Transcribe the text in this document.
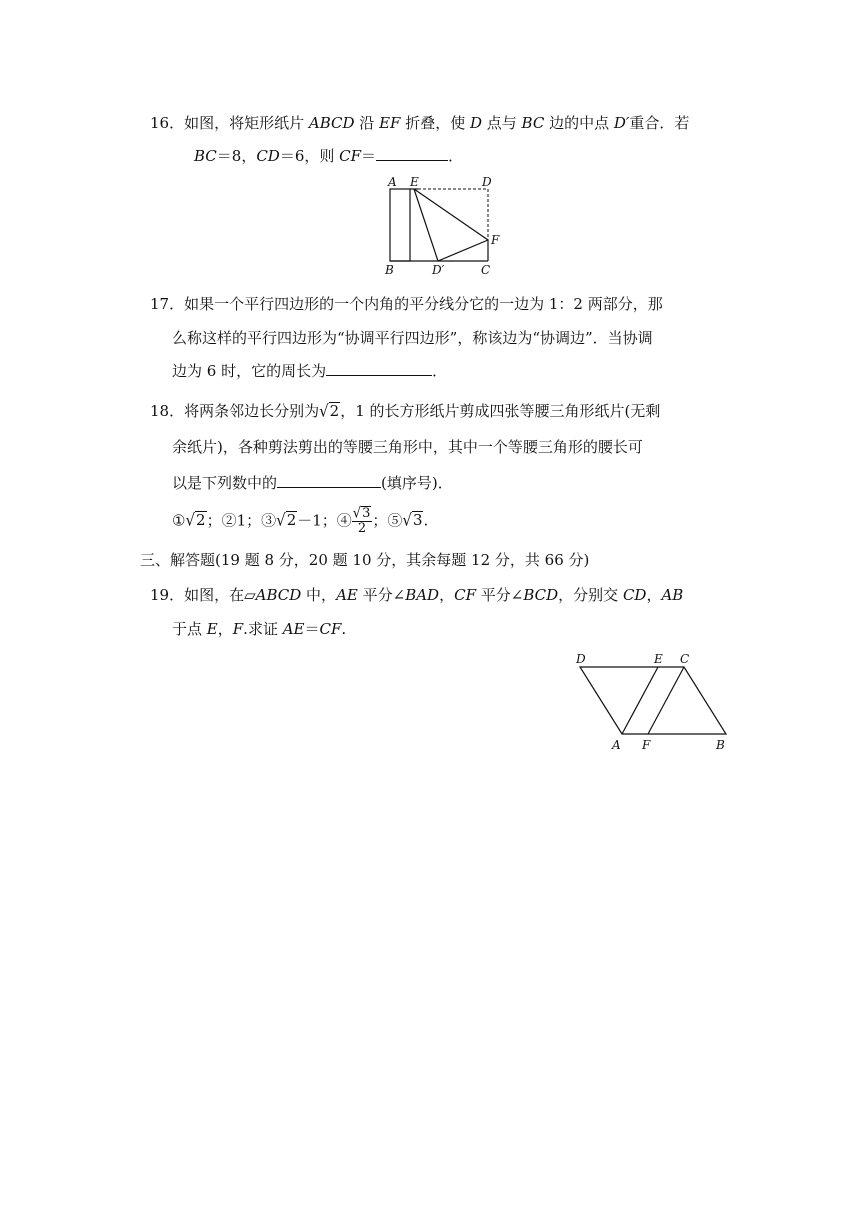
16．如图，将矩形纸片 ABCD 沿 EF 折叠，使 D 点与 BC 边的中点 D′重合．若
BC＝8，CD＝6，则 CF＝	．
A E	D
F
B	D′	C
17．如果一个平行四边形的一个内角的平分线分它的一边为 1：2 两部分，那
么称这样的平行四边形为“协调平行四边形”，称该边为“协调边”．当协调
边为 6 时，它的周长为	．
18．将两条邻边长分别为√2，1 的长方形纸片剪成四张等腰三角形纸片(无剩
余纸片)，各种剪法剪出的等腰三角形中，其中一个等腰三角形的腰长可
以是下列数中的	(填序号)．
①√2；②1；③√2－1；④ $\frac{√3}{2}$ ；⑤√3.
三、解答题(19 题 8 分，20 题 10 分，其余每题 12 分，共 66 分)
19．如图，在▱ABCD 中，AE 平分∠BAD，CF 平分∠BCD，分别交 CD，AB
于点 E，F.求证 AE＝CF.
D	E C
A F	B
